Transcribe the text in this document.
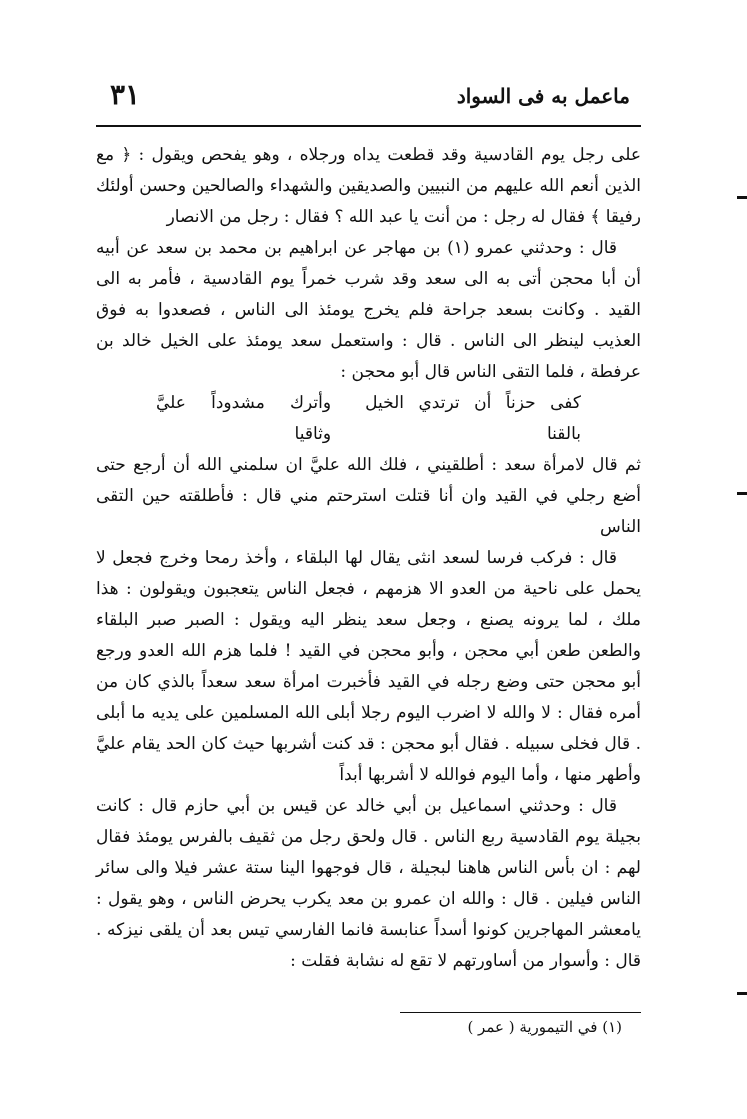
ماعمل به فى السواد
٣١

على رجل يوم القادسية وقد قطعت يداه ورجلاه ، وهو يفحص ويقول : ﴿ مع الذين أنعم الله عليهم من النبيين والصديقين والشهداء والصالحين وحسن أولئك رفيقا ﴾ فقال له رجل : من أنت يا عبد الله ؟ فقال : رجل من الانصار

قال : وحدثني عمرو (١) بن مهاجر عن ابراهيم بن محمد بن سعد عن أبيه أن أبا محجن أتى به الى سعد وقد شرب خمراً يوم القادسية ، فأمر به الى القيد . وكانت بسعد جراحة فلم يخرج يومئذ الى الناس ، فصعدوا به فوق العذيب لينظر الى الناس . قال : واستعمل سعد يومئذ على الخيل خالد بن عرفطة ، فلما التقى الناس قال أبو محجن :

كفى حزناً أن ترتدي الخيل بالقنا
وأترك مشدوداً عليَّ وثاقيا

ثم قال لامرأة سعد : أطلقيني ، فلك الله عليَّ ان سلمني الله أن أرجع حتى أضع رجلي في القيد وان أنا قتلت استرحتم مني قال : فأطلقته حين التقى الناس

قال : فركب فرسا لسعد انثى يقال لها البلقاء ، وأخذ رمحا وخرج فجعل لا يحمل على ناحية من العدو الا هزمهم ، فجعل الناس يتعجبون ويقولون : هذا ملك ، لما يرونه يصنع ، وجعل سعد ينظر اليه ويقول : الصبر صبر البلقاء والطعن طعن أبي محجن ، وأبو محجن في القيد ! فلما هزم الله العدو ورجع أبو محجن حتى وضع رجله في القيد فأخبرت امرأة سعد سعداً بالذي كان من أمره فقال : لا والله لا اضرب اليوم رجلا أبلى الله المسلمين على يديه ما أبلى . قال فخلى سبيله . فقال أبو محجن : قد كنت أشربها حيث كان الحد يقام عليَّ وأطهر منها ، وأما اليوم فوالله لا أشربها أبداً

قال : وحدثني اسماعيل بن أبي خالد عن قيس بن أبي حازم قال : كانت بجيلة يوم القادسية ربع الناس . قال ولحق رجل من ثقيف بالفرس يومئذ فقال لهم : ان بأس الناس هاهنا لبجيلة ، قال فوجهوا الينا ستة عشر فيلا والى سائر الناس فيلين . قال : والله ان عمرو بن معد يكرب يحرض الناس ، وهو يقول : يامعشر المهاجرين كونوا أسداً عنابسة فانما الفارسي تيس بعد أن يلقى نيزكه . قال : وأسوار من أساورتهم لا تقع له نشابة فقلت :

(١) في التيمورية ( عمر )
